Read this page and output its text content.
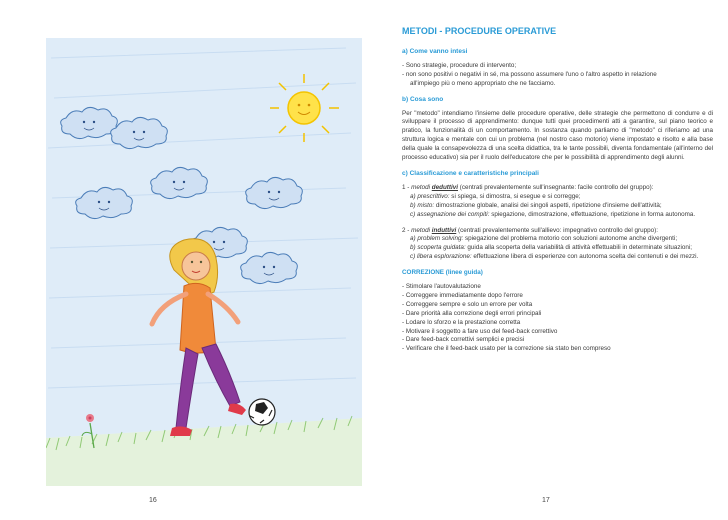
16
METODI - PROCEDURE OPERATIVE
a) Come vanno intesi
- Sono strategie, procedure di intervento;
- non sono positivi o negativi in sé, ma possono assumere l'uno o l'altro aspetto in relazione
all'impiego più o meno appropriato che ne facciamo.
b) Cosa sono
Per "metodo" intendiamo l'insieme delle procedure operative, delle strategie che permettono di condurre e di sviluppare il processo di apprendimento: dunque tutti quei procedimenti atti a garantire, sul piano teorico e pratico, la funzionalità di un comportamento. In sostanza quando parliamo di "metodo" ci riferiamo ad una struttura logica e mentale con cui un problema (nel nostro caso motorio) viene impostato e risolto e alla base della quale la consapevolezza di una scelta didattica, tra le tante possibili, diventa fondamentale (all'interno del processo educativo) sia per il ruolo dell'educatore che per le possibilità di apprendimento degli alunni.
c) Classificazione e caratteristiche principali
1 - metodi deduttivi (centrati prevalentemente sull'insegnante: facile controllo del gruppo):
a) prescrittivo: si spiega, si dimostra, si esegue e si corregge;
b) misto: dimostrazione globale, analisi dei singoli aspetti, ripetizione d'insieme dell'attività;
c) assegnazione dei compiti: spiegazione, dimostrazione, effettuazione, ripetizione in forma autonoma.
2 - metodi induttivi (centrati prevalentemente sull'allievo: impegnativo controllo del gruppo):
a) problem solving: spiegazione del problema motorio con soluzioni autonome anche divergenti;
b) scoperta guidata: guida alla scoperta della variabilità di attività effettuabili in determinate situazioni;
c) libera esplorazione: effettuazione libera di esperienze con autonoma scelta dei contenuti e dei mezzi.
CORREZIONE (linee guida)
- Stimolare l'autovalutazione
- Correggere immediatamente dopo l'errore
- Correggere sempre e solo un errore per volta
- Dare priorità alla correzione degli errori principali
- Lodare lo sforzo e la prestazione corretta
- Motivare il soggetto a fare uso del feed-back correttivo
- Dare feed-back correttivi semplici e precisi
- Verificare che il feed-back usato per la correzione sia stato ben compreso
17
